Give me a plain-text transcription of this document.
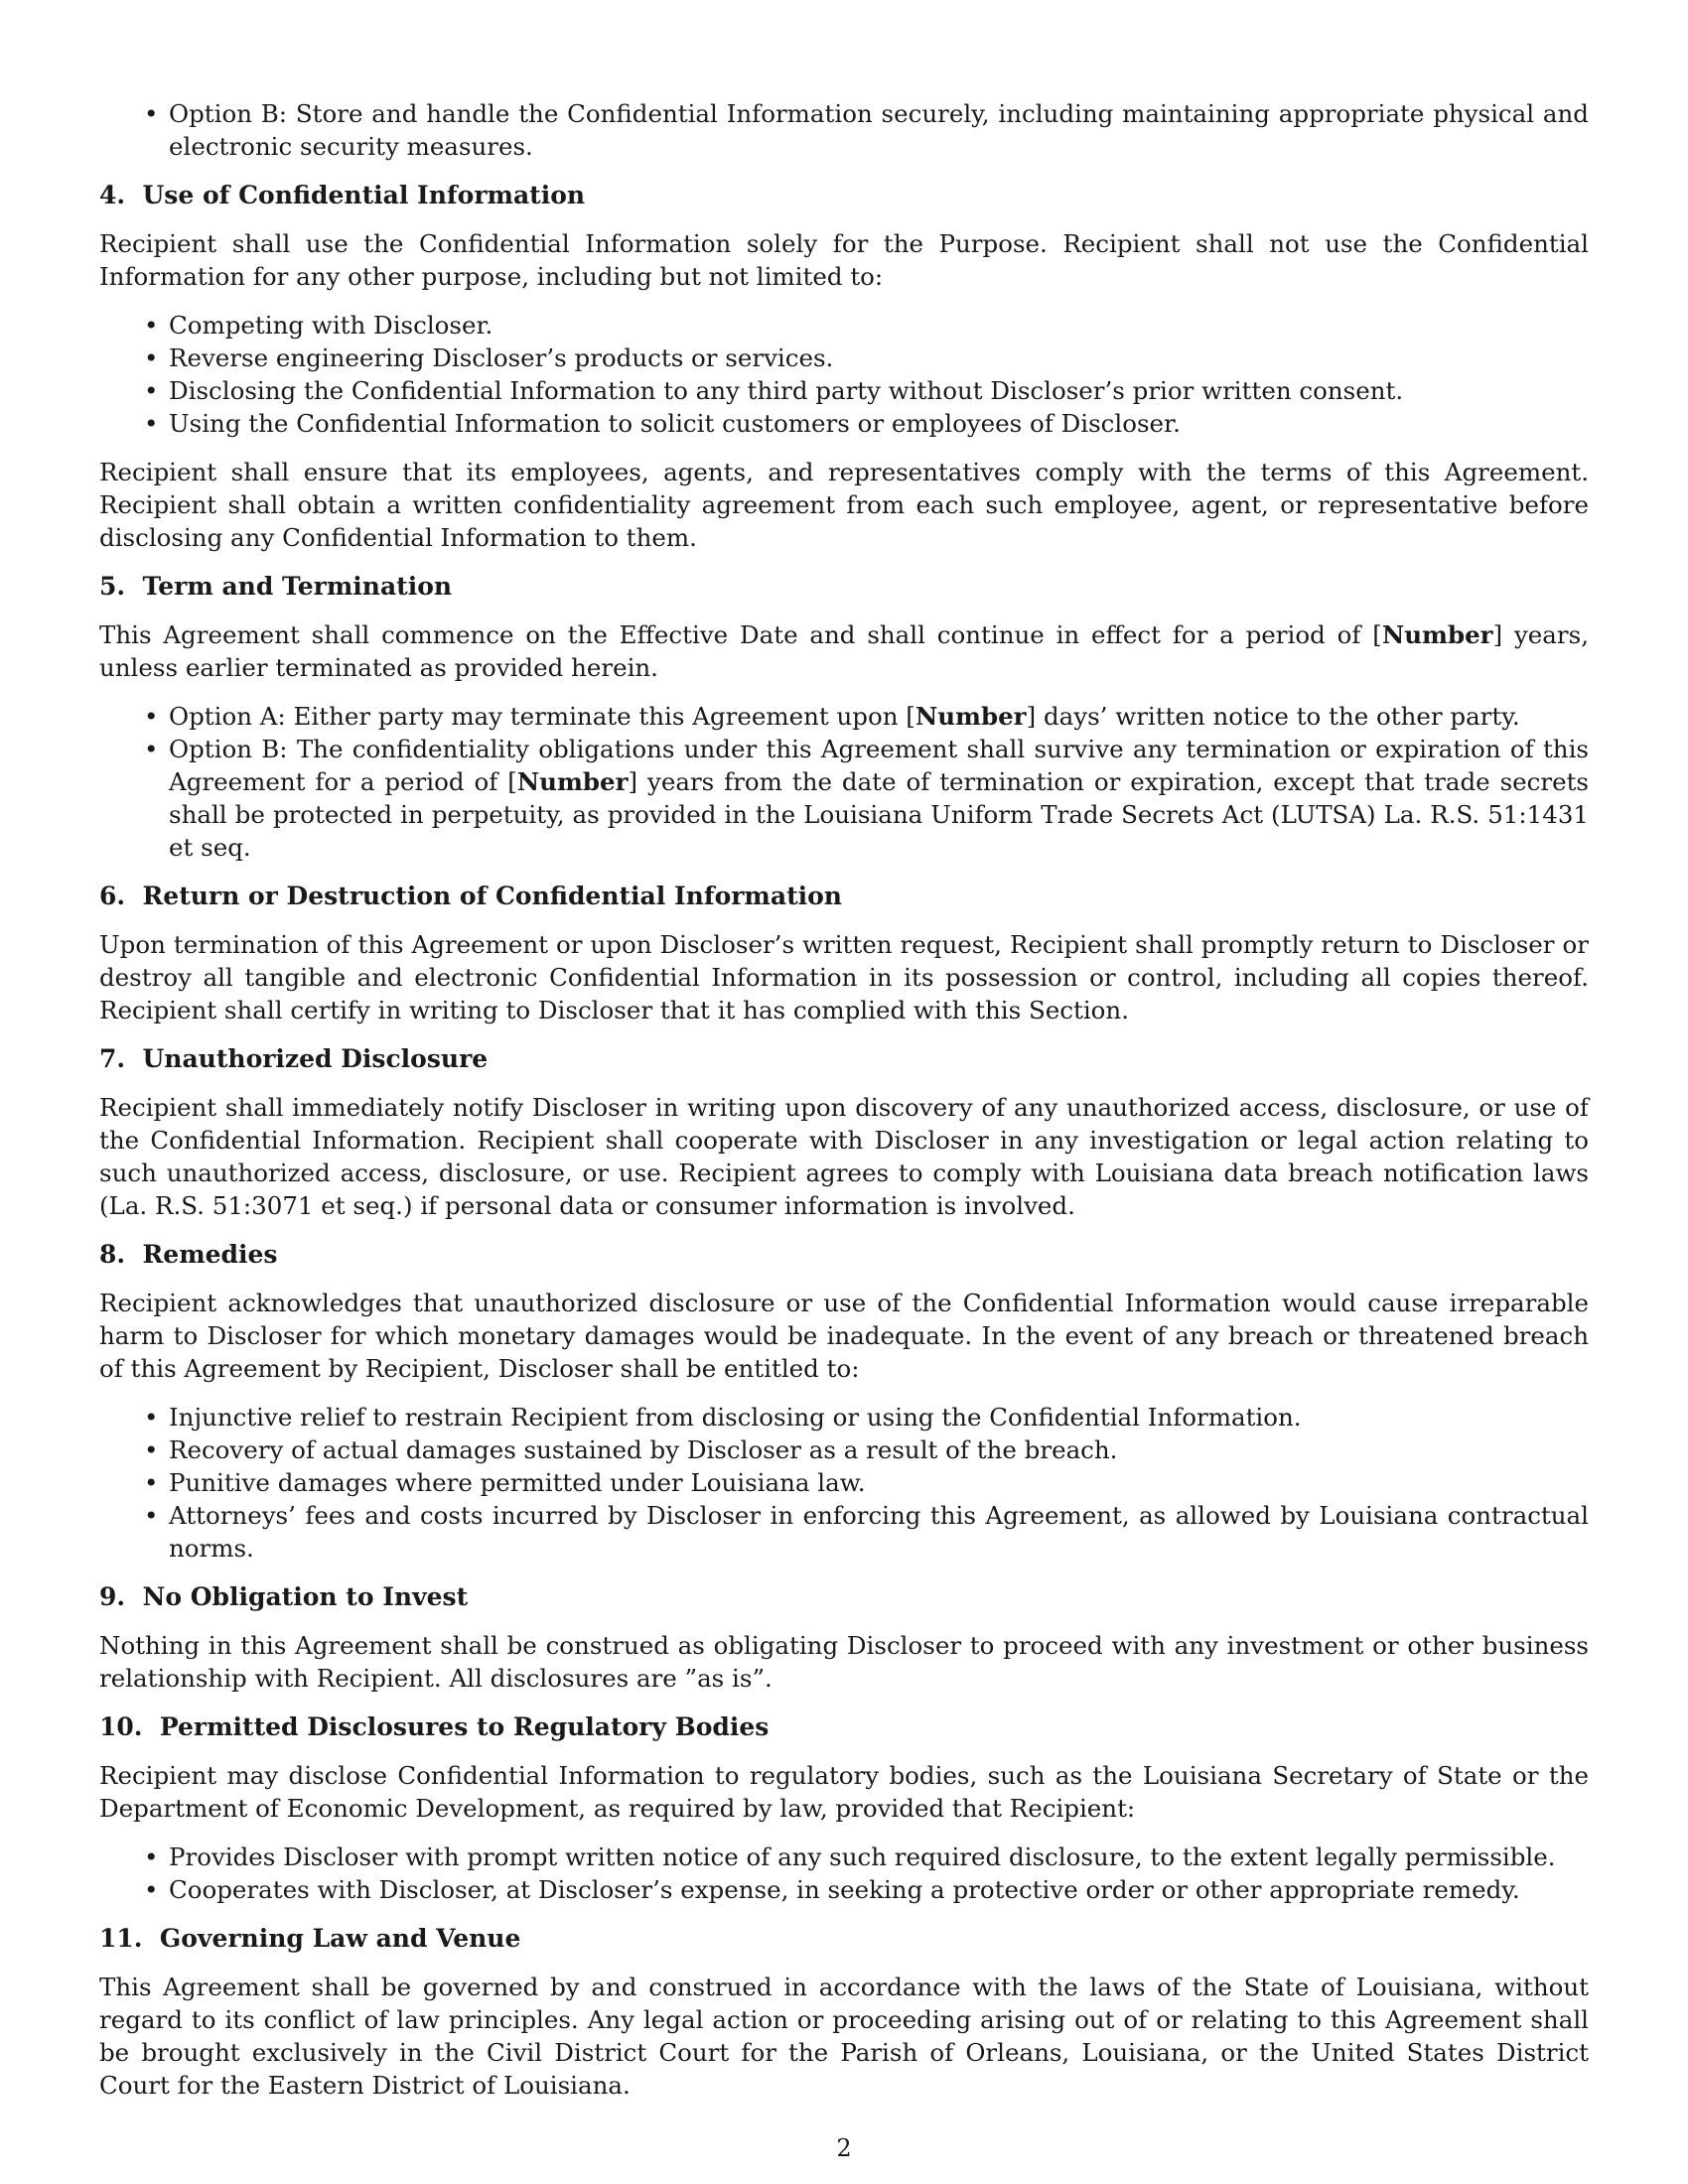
• Option B: Store and handle the Confidential Information securely, including maintaining appropriate physical and electronic security measures.
4.  Use of Confidential Information

Recipient shall use the Confidential Information solely for the Purpose. Recipient shall not use the Confidential Information for any other purpose, including but not limited to:

• Competing with Discloser.
• Reverse engineering Discloser’s products or services.
• Disclosing the Confidential Information to any third party without Discloser’s prior written consent.
• Using the Confidential Information to solicit customers or employees of Discloser.

Recipient shall ensure that its employees, agents, and representatives comply with the terms of this Agreement. Recipient shall obtain a written confidentiality agreement from each such employee, agent, or representative before disclosing any Confidential Information to them.

5.  Term and Termination

This Agreement shall commence on the Effective Date and shall continue in effect for a period of [Number] years, unless earlier terminated as provided herein.

• Option A: Either party may terminate this Agreement upon [Number] days’ written notice to the other party.
• Option B: The confidentiality obligations under this Agreement shall survive any termination or expiration of this Agreement for a period of [Number] years from the date of termination or expiration, except that trade secrets shall be protected in perpetuity, as provided in the Louisiana Uniform Trade Secrets Act (LUTSA) La. R.S. 51:1431 et seq.
6.  Return or Destruction of Confidential Information

Upon termination of this Agreement or upon Discloser’s written request, Recipient shall promptly return to Discloser or destroy all tangible and electronic Confidential Information in its possession or control, including all copies thereof. Recipient shall certify in writing to Discloser that it has complied with this Section.

7.  Unauthorized Disclosure

Recipient shall immediately notify Discloser in writing upon discovery of any unauthorized access, disclosure, or use of the Confidential Information. Recipient shall cooperate with Discloser in any investigation or legal action relating to such unauthorized access, disclosure, or use. Recipient agrees to comply with Louisiana data breach notification laws (La. R.S. 51:3071 et seq.) if personal data or consumer information is involved.

8.  Remedies

Recipient acknowledges that unauthorized disclosure or use of the Confidential Information would cause irreparable harm to Discloser for which monetary damages would be inadequate. In the event of any breach or threatened breach of this Agreement by Recipient, Discloser shall be entitled to:

• Injunctive relief to restrain Recipient from disclosing or using the Confidential Information.
• Recovery of actual damages sustained by Discloser as a result of the breach.
• Punitive damages where permitted under Louisiana law.
• Attorneys’ fees and costs incurred by Discloser in enforcing this Agreement, as allowed by Louisiana contractual norms.
9.  No Obligation to Invest

Nothing in this Agreement shall be construed as obligating Discloser to proceed with any investment or other business relationship with Recipient. All disclosures are ”as is”.

10.  Permitted Disclosures to Regulatory Bodies

Recipient may disclose Confidential Information to regulatory bodies, such as the Louisiana Secretary of State or the Department of Economic Development, as required by law, provided that Recipient:

• Provides Discloser with prompt written notice of any such required disclosure, to the extent legally permissible.
• Cooperates with Discloser, at Discloser’s expense, in seeking a protective order or other appropriate remedy.
11.  Governing Law and Venue

This Agreement shall be governed by and construed in accordance with the laws of the State of Louisiana, without regard to its conflict of law principles. Any legal action or proceeding arising out of or relating to this Agreement shall be brought exclusively in the Civil District Court for the Parish of Orleans, Louisiana, or the United States District Court for the Eastern District of Louisiana.

2
